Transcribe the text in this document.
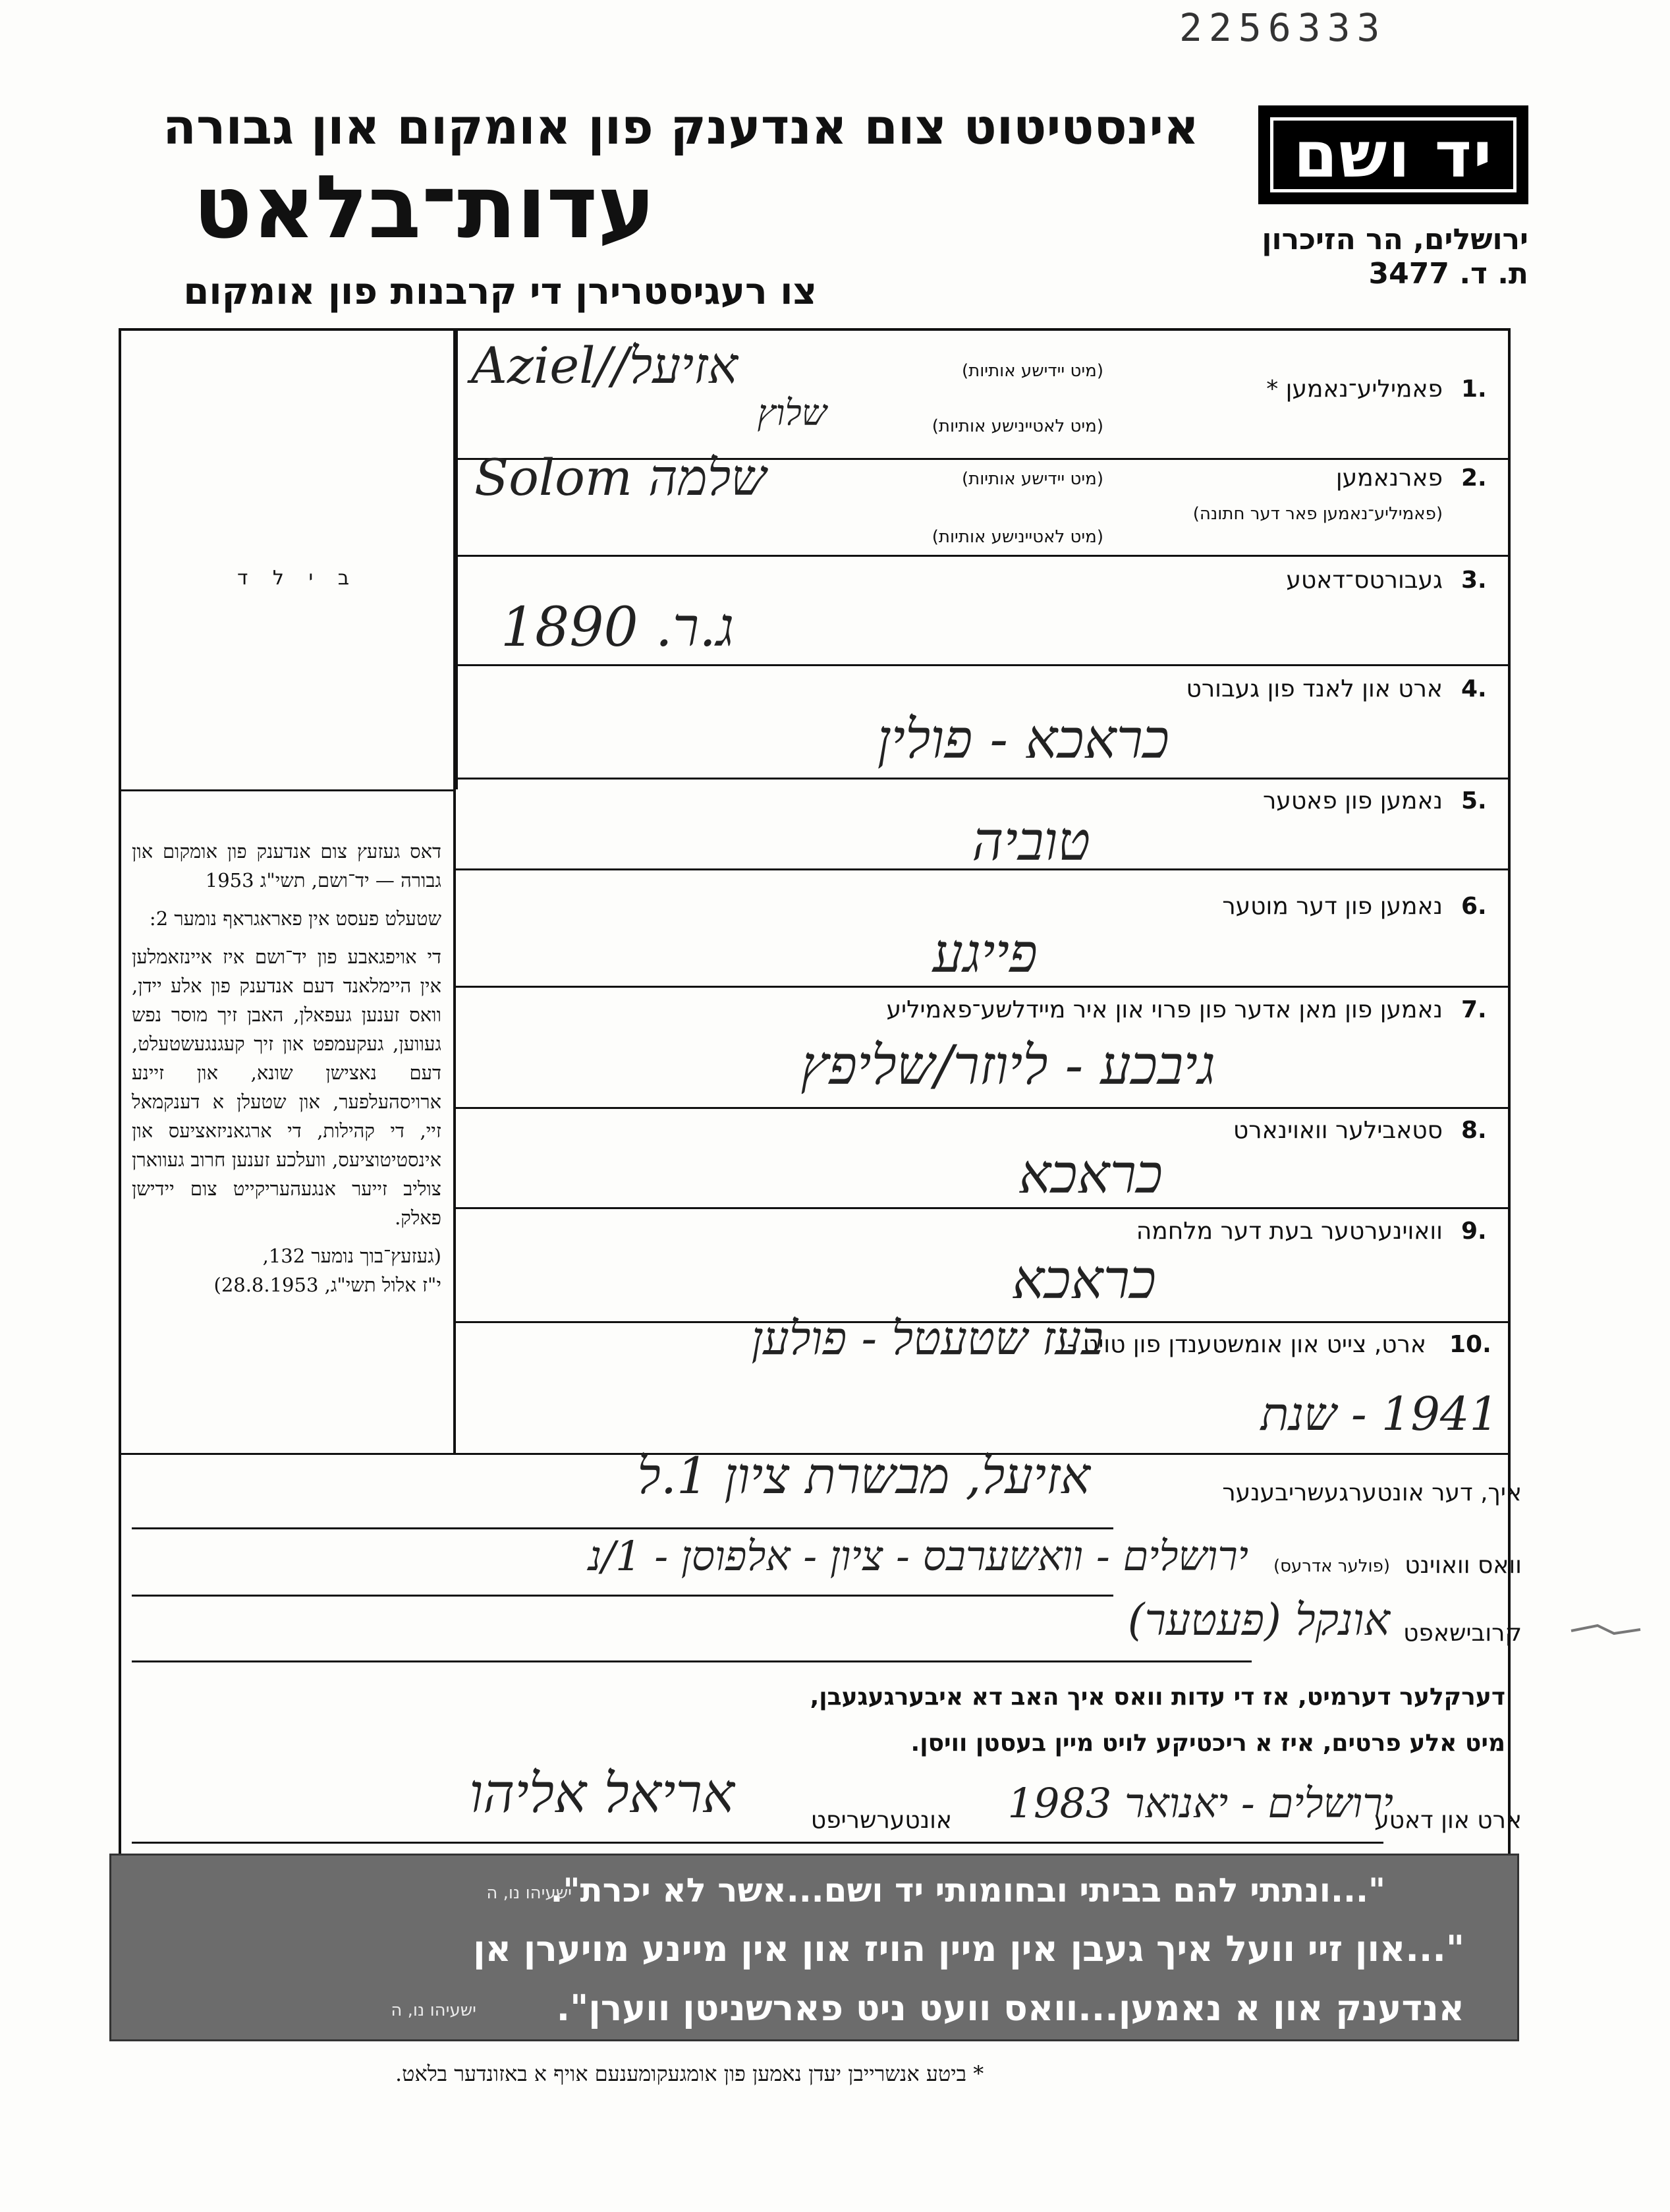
2256333
יד ושם
ירושלים, הר הזיכרון
ת. ד. 3477
אינסטיטוט צום אנדענק פון אומקום און גבורה
עדות־בלאט
צו רעגיסטרירן די קרבנות פון אומקום
ב י ל ד
1.
פאמיליע־נאמען *
(מיט יידישע אותיות)
(מיט לאטיינישע אותיות)
Aziel//אזיעל
שלוץ
2.
פארנאמען
(פאמיליע־נאמען פאר דער חתונה)
(מיט יידישע אותיות)
(מיט לאטיינישע אותיות)
Solom שלמה
3.
געבורטס־דאטע
1890 .ג.ר
4.
ארט און לאנד פון געבורט
כראכא - פולין
5.
נאמען פון פאטער
טוביה
6.
נאמען פון דער מוטער
פייגע
7.
נאמען פון מאן אדער פון פרוי און איר מיידלשע־פאמיליע
גיבכע - ליוזר/שליפץ
8.
סטאבילער וואוינארט
כראכא
9.
וואוינערטער בעת דער מלחמה
כראכא
10.
ארט, צייט און אומשטענדן פון טויט -
בעז שטעטל - פולען
1941 - שנת

דאס געזעץ צום אנדענק פון אומקום און גבורה — יד־ושם, תשי"ג 1953

שטעלט פעסט אין פאראגראף נומער 2:

די אויפגאבע פון יד־ושם איז איינזאמלען אין היימלאנד דעם אנדענק פון אלע יידן, וואס זענען געפאלן, האבן זיך מוסר נפש געווען, געקעמפט און זיך קעגנגעשטעלט, דעם נאצישן שונא, און זיינע ארויסהעלפער, און שטעלן א דענקמאל זיי, די קהילות, די ארגאניזאציעס און אינסטיטוציעס, וועלכע זענען חרוב געווארן צוליב זייער אנגעהעריקייט צום יידישן פאלק.

(געזעץ־בוך נומער 132,

י"ז אלול תשי"ג, 28.8.1953)

איך, דער אונטערגעשריבענער
אזיעל, מבשרת ציון 1.ל
וואס וואוינט
(פולער אדרעס)
ירושלים - וואשערבס - ציון - אלפוסן - 1/נ
קרובישאפט
אונקל (פעטער)
דערקלער דערמיט, אז די עדות וואס איך האב דא איבערגעגעבן,
מיט אלע פרטים, איז א ריכטיקע לויט מיין בעסטן וויסן.
ארט און דאטע
ירושלים - יאנואר 1983
אונטערשריפט
אריאל אליהו
"...ונתתי להם בביתי ובחומותי יד ושם...אשר לא יכרת".
ישעיהו נו, ה
"...און זיי וועל איך געבן אין מיין הויז און אין מיינע מויערן אן
אנדענק און א נאמען...וואס וועט ניט פארשניטן ווערן".
ישעיהו נו, ה
* ביטע אנשרייבן יעדן נאמען פון אומגעקומענעם אויף א באזונדער בלאט.
